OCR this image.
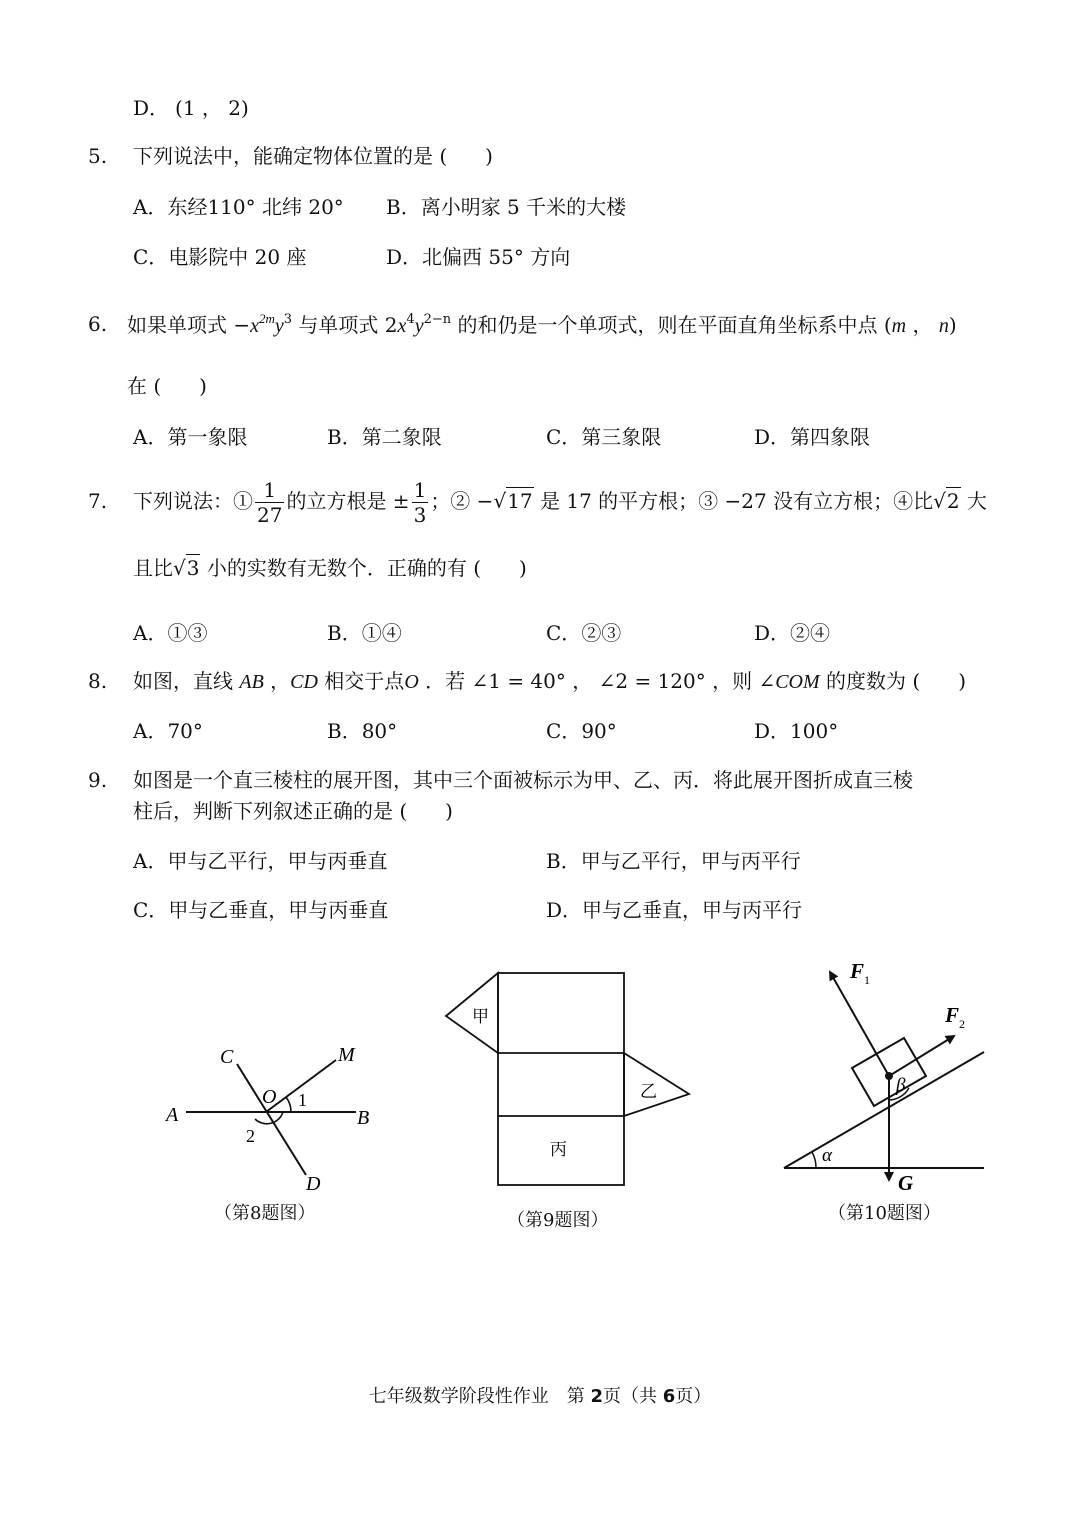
D． (1 ， 2)
5. 下列说法中，能确定物体位置的是 ( )
A．东经110° 北纬 20° B．离小明家 5 千米的大楼
C．电影院中 20 座	D．北偏西 55° 方向
6. 如果单项式 $-x^{2m}y^3$ 与单项式 $2x^4y^{2-n}$ 的和仍是一个单项式，则在平面直角坐标系中点 (m ， n)
在 ( )
A．第一象限	B．第二象限	C．第三象限	D．第四象限
7. 下列说法：① $\frac{1}{27}$ 的立方根是 ± $\frac{1}{3}$ ；② −√17 是 17 的平方根；③ −27 没有立方根；④比√2 大
且比√3 小的实数有无数个．正确的有 ( )
A．①③	B．①④	C．②③	D．②④
8. 如图，直线 AB ，CD 相交于点O ．若 ∠1 = 40° ， ∠2 = 120° ，则 ∠COM 的度数为 ( )
A．70°	B．80°	C．90°	D．100°
9. 如图是一个直三棱柱的展开图，其中三个面被标示为甲、乙、丙．将此展开图折成直三棱
柱后，判断下列叙述正确的是 ( )
A．甲与乙平行，甲与丙垂直	B．甲与乙平行，甲与丙平行
C．甲与乙垂直，甲与丙垂直	D．甲与乙垂直，甲与丙平行
A	B
C
D
M
O 1
2
（第8题图）
甲
乙
丙
（第9题图）
$F_1$
$F_2$
G
α
β
（第10题图）
七年级数学阶段性作业 第 2页（共 6页）
